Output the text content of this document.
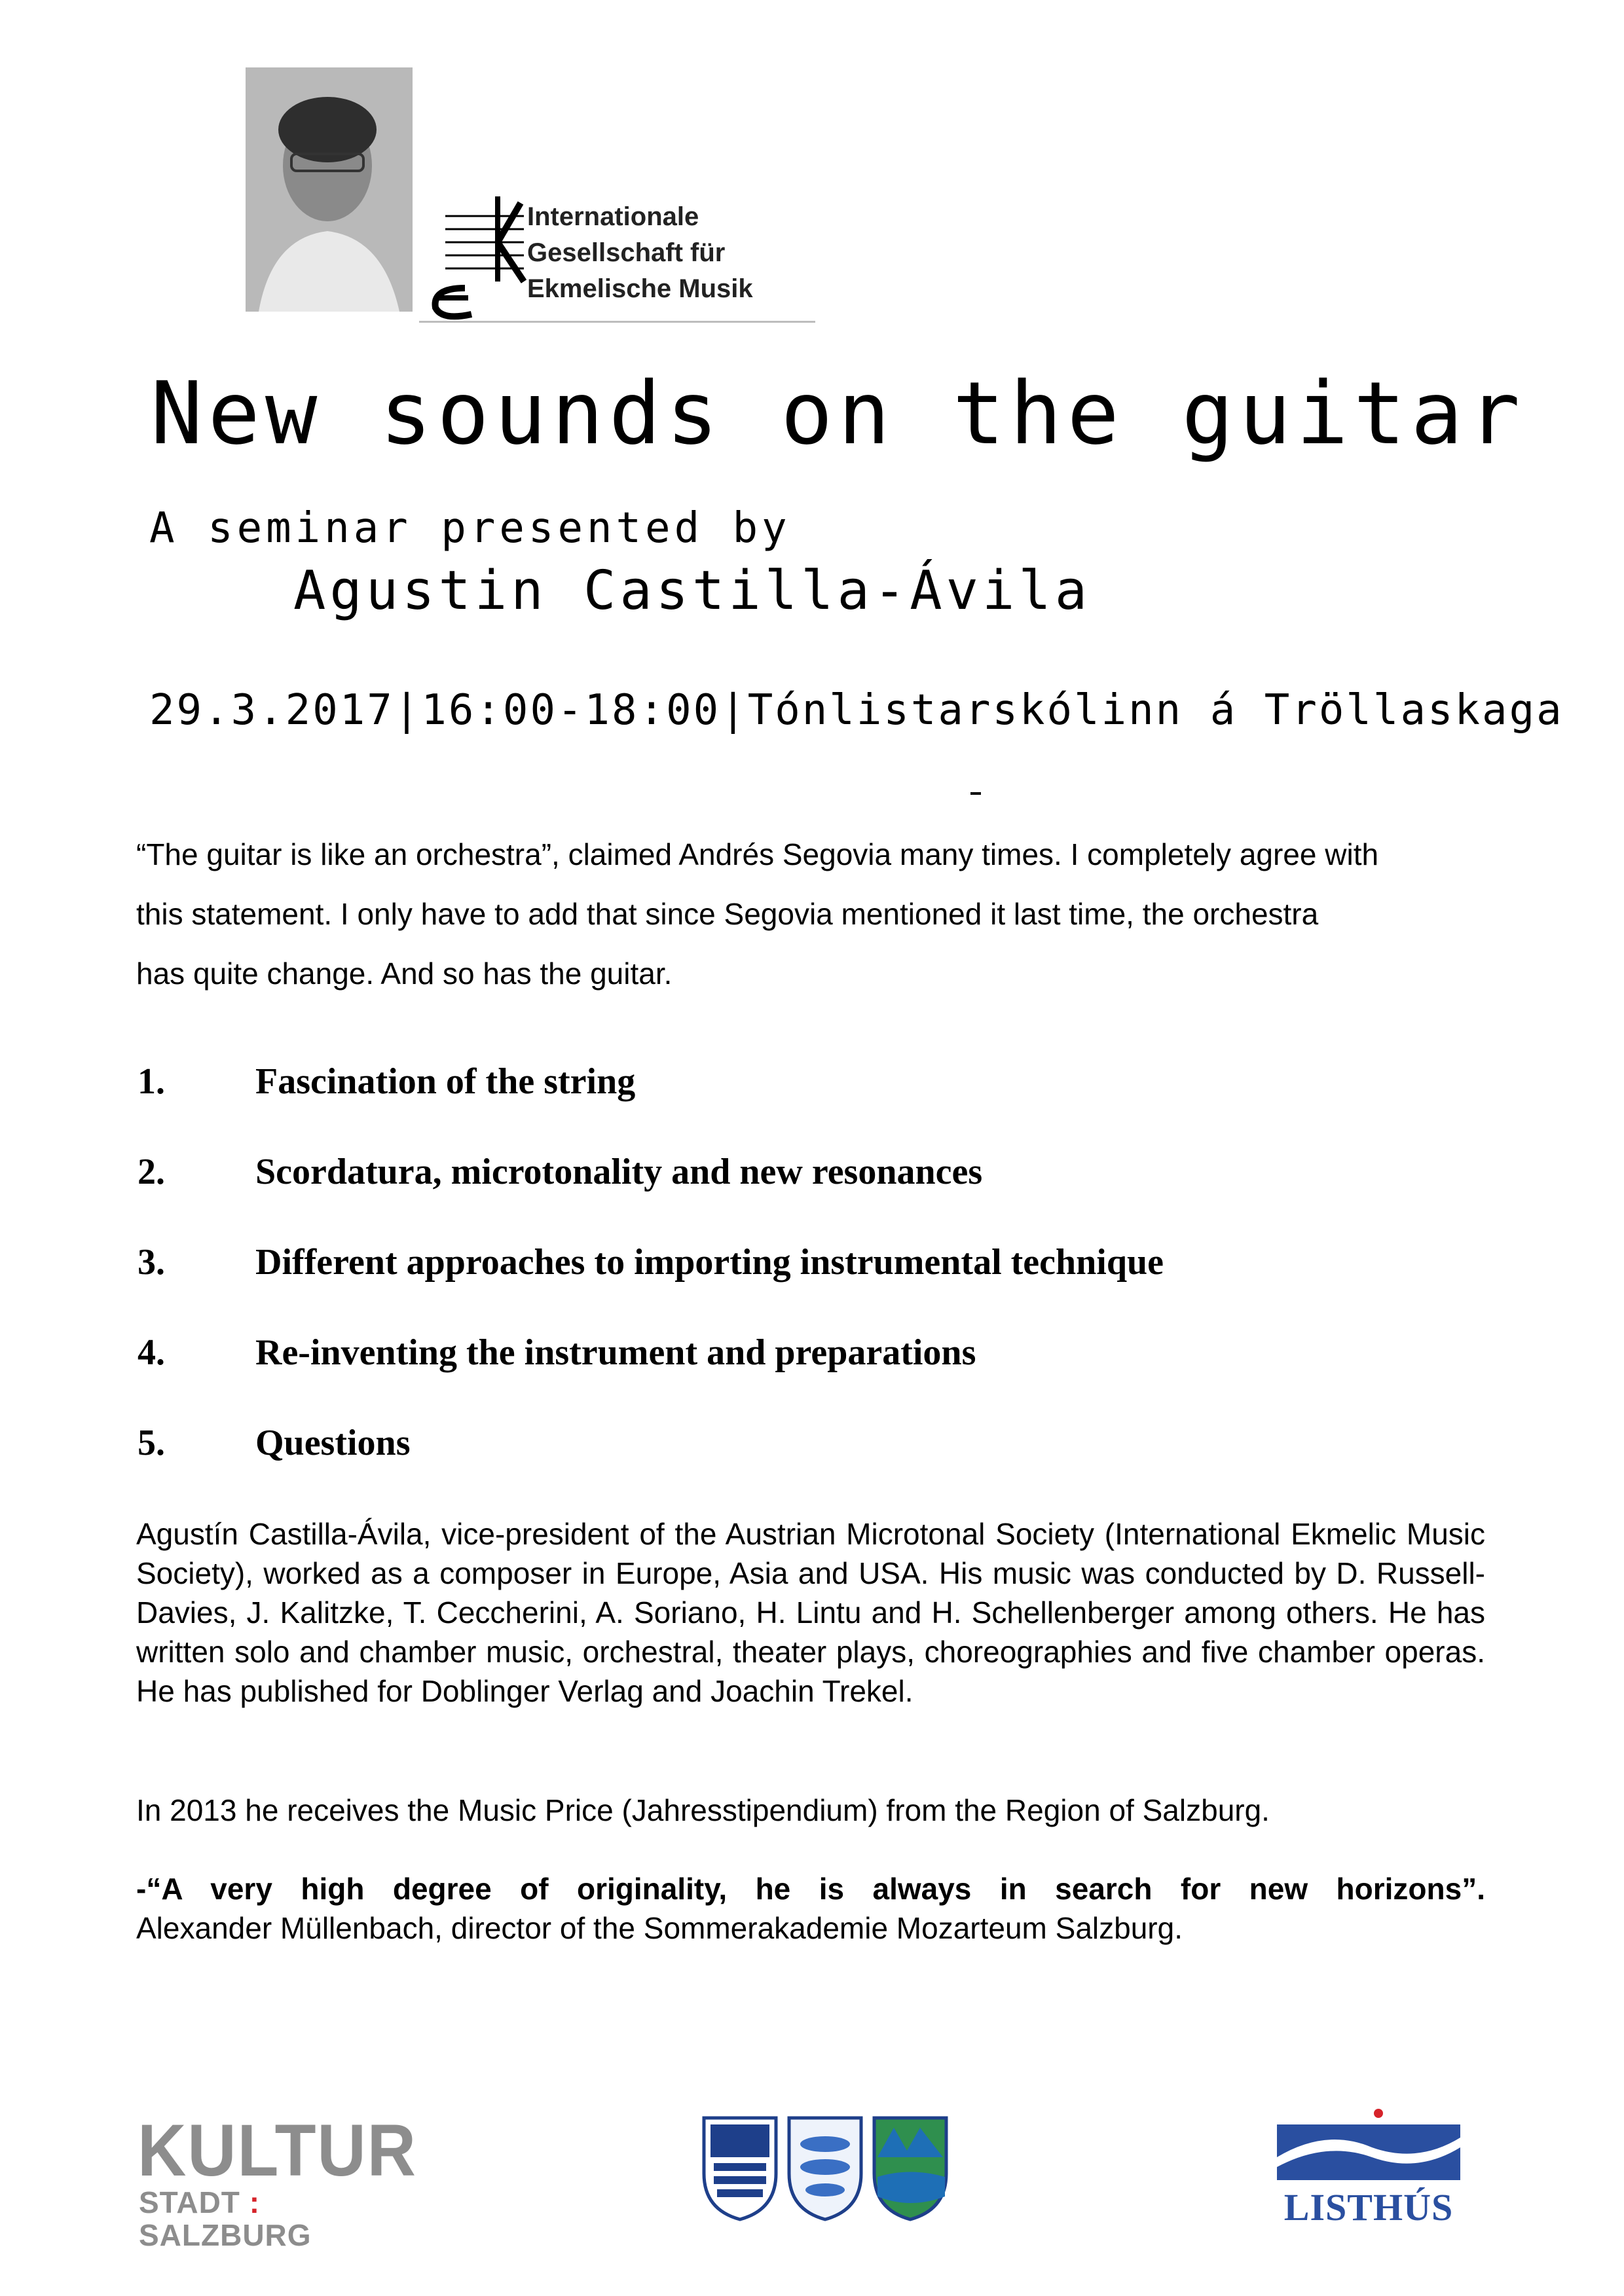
Internationale
Gesellschaft für
Ekmelische Musik
New sounds on the guitar
A seminar presented by
Agustin Castilla-Ávila
29.3.2017|16:00-18:00|Tónlistarskólinn á Tröllaskaga
“The guitar is like an orchestra”, claimed Andrés Segovia many times. I completely agree with
this statement. I only have to add that since Segovia mentioned it last time, the orchestra
has quite change. And so has the guitar.
1. Fascination of the string
2. Scordatura, microtonality and new resonances
3. Different approaches to importing instrumental technique
4. Re-inventing the instrument and preparations
5. Questions
Agustín Castilla-Ávila, vice-president of the Austrian Microtonal Society (International Ekmelic Music Society), worked as a composer in Europe, Asia and USA. His music was conducted by D. Russell-Davies, J. Kalitzke, T. Ceccherini, A. Soriano, H. Lintu and H. Schellenberger among others. He has written solo and chamber music, orchestral, theater plays, choreographies and five chamber operas. He has published for Doblinger Verlag and Joachin Trekel.
In 2013 he receives the Music Price (Jahresstipendium) from the Region of Salzburg.
-“A very high degree of originality, he is always in search for new horizons”.
Alexander Müllenbach, director of the Sommerakademie Mozarteum Salzburg.
KULTUR
STADT : SALZBURG
LISTHÚS
